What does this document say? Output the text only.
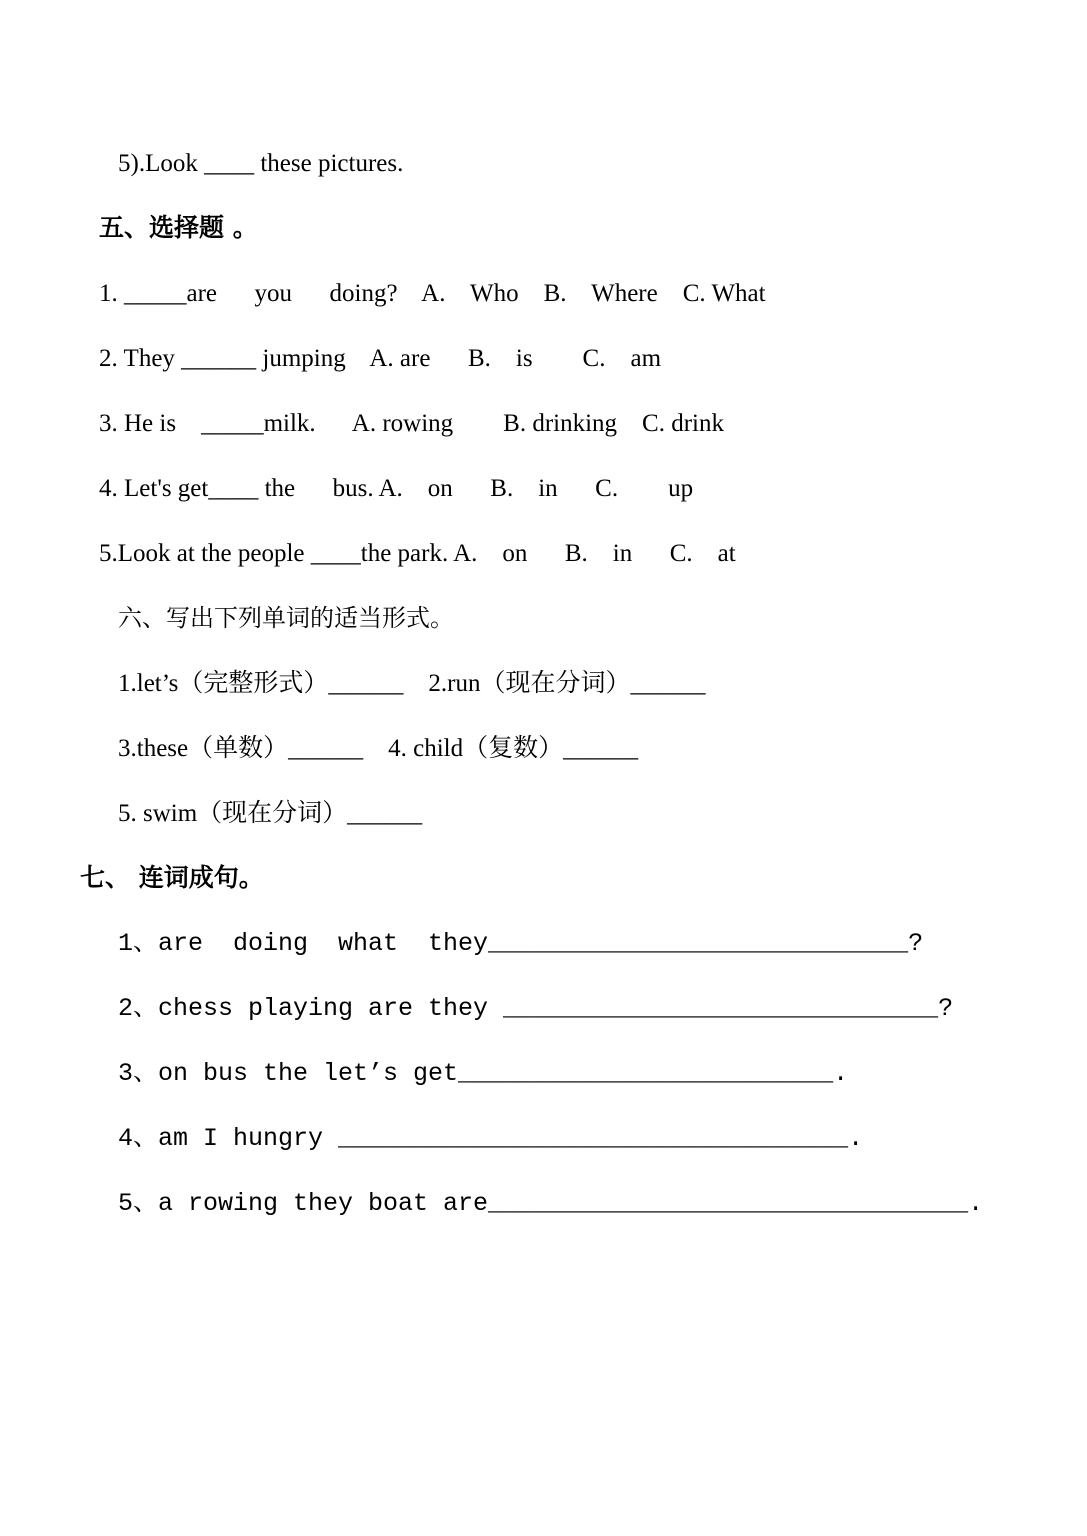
5).Look ____ these pictures.
五、选择题 。
1. _____are      you      doing?    A.    Who    B.    Where    C. What
2. They ______ jumping    A. are      B.    is        C.    am
3. He is    _____milk.      A. rowing        B. drinking    C. drink
4. Let's get____ the      bus. A.    on      B.    in      C.        up
5.Look at the people ____the park. A.    on      B.    in      C.    at
六、写出下列单词的适当形式。
1.let’s（完整形式）______    2.run（现在分词）______
3.these（单数）______    4. child（复数）______
5. swim（现在分词）______
七、 连词成句。
1、are  doing  what  they____________________________?
2、chess playing are they _____________________________?
3、on bus the let’s get_________________________.
4、am I hungry __________________________________.
5、a rowing they boat are________________________________.
